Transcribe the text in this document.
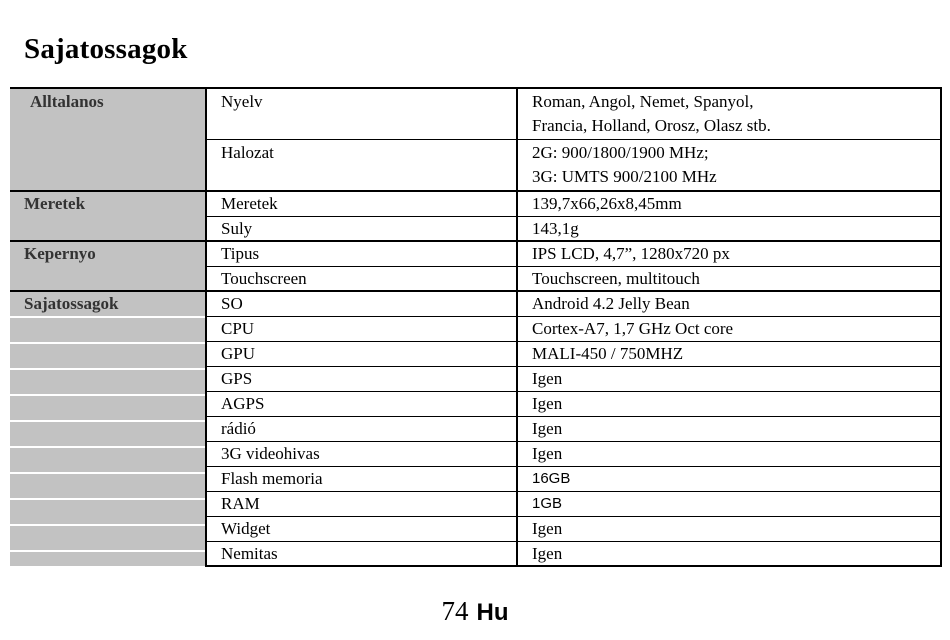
Sajatossagok
Alltalanos	Nyelv	Roman, Angol, Nemet, Spanyol,
Francia, Holland, Orosz, Olasz stb.

	Halozat	2G: 900/1800/1900 MHz;
3G: UMTS 900/2100 MHz

Meretek	Meretek	139,7x66,26x8,45mm

	Suly	143,1g

Kepernyo	Tipus	IPS LCD, 4,7”, 1280x720 px

	Touchscreen	Touchscreen, multitouch

Sajatossagok	SO	Android 4.2 Jelly Bean

	CPU	Cortex-A7, 1,7 GHz Oct core

	GPU	MALI-450 / 750MHZ

	GPS	Igen

	AGPS	Igen

	rádió	Igen

	3G videohivas	Igen

	Flash memoria	16GB

	RAM	1GB

	Widget	Igen

	Nemitas	Igen
74 Hu
